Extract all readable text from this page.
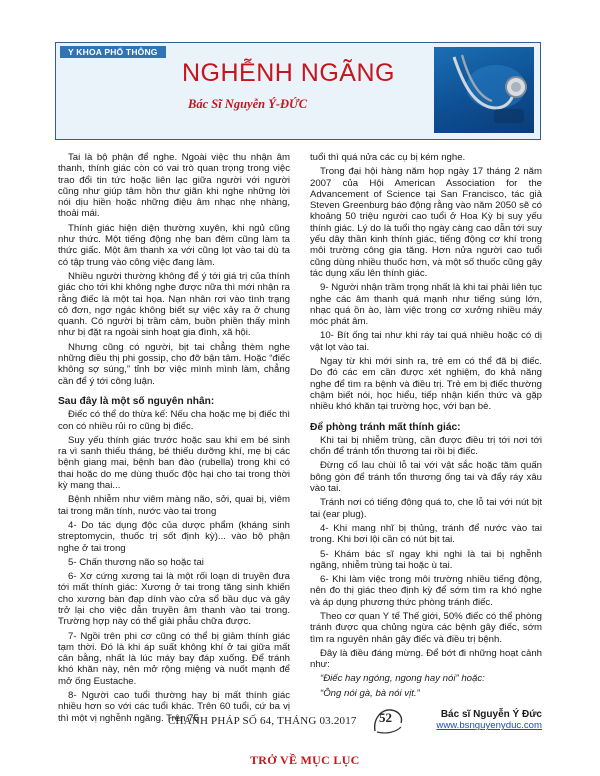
Y KHOA PHỔ THÔNG
NGHỄNH NGÃNG
Bác Sĩ Nguyễn Ý-ĐỨC

Tai là bộ phận để nghe. Ngoài việc thu nhận âm thanh, thính giác còn có vai trò quan trọng trong việc trao đổi tin tức hoặc liên lạc giữa người với người cũng như giúp tâm hồn thư giãn khi nghe những lời nói dịu hiền hoặc những điệu âm nhạc nhẹ nhàng, thoải mái.

Thính giác hiện diện thường xuyên, khi ngủ cũng như thức. Một tiếng động nhẹ ban đêm cũng làm ta thức giấc. Một âm thanh xa với cũng lọt vào tai dù ta có tập trung vào công việc đang làm.

Nhiều người thường không để ý tới giá trị của thính giác cho tới khi không nghe được nữa thì mới nhận ra rằng điếc là một tai họa. Nạn nhân rơi vào tình trạng cô đơn, ngơ ngác không biết sự việc xảy ra ở chung quanh. Có người bị trầm cảm, buồn phiền thấy mình như bị đặt ra ngoài sinh hoạt gia đình, xã hội.

Nhưng cũng có người, bịt tai chẳng thèm nghe những điều thị phi gossip, cho đỡ bận tâm. Hoặc “điếc không sợ súng,” tỉnh bơ việc mình mình làm, chẳng cần để ý tới công luận.

Sau đây là một số nguyên nhân:

Điếc có thể do thừa kế: Nếu cha hoặc mẹ bị điếc thì con có nhiều rủi ro cũng bị điếc.

Suy yếu thính giác trước hoặc sau khi em bé sinh ra vì sanh thiếu tháng, bé thiếu dưỡng khí, mẹ bị các bệnh giang mai, bệnh ban đào (rubella) trong khi có thai hoặc do mẹ dùng thuốc độc hại cho tai trong thời kỳ mang thai...

Bệnh nhiễm như viêm màng não, sởi, quai bị, viêm tai trong mãn tính, nước vào tai trong

4- Do tác dụng độc của dược phẩm (kháng sinh streptomycin, thuốc trị sốt định kỳ)... vào bộ phận nghe ở tai trong

5- Chấn thương não sọ hoặc tai

6- Xơ cứng xương tai là một rối loạn di truyền đưa tới mất thính giác: Xương ở tai trong tăng sinh khiến cho xương bàn đạp dính vào cửa sổ bầu dục và gây trở lại cho việc dẫn truyền âm thanh vào tai trong. Trường hợp này có thể giải phẫu chữa được.

7- Ngồi trên phi cơ cũng có thể bị giảm thính giác tạm thời. Đó là khi áp suất không khí ở tai giữa mất cân bằng, nhất là lúc máy bay đáp xuống. Để tránh khó khăn này, nên mở rộng miệng và nuốt mạnh để mở ống Eustache.

8- Người cao tuổi thường hay bị mất thính giác nhiều hơn so với các tuổi khác. Trên 60 tuổi, cứ ba vị thì một vị nghễnh ngãng. Trên 75

tuổi thì quá nửa các cụ bị kém nghe.

Trong đại hội hàng năm họp ngày 17 tháng 2 năm 2007 của Hội American Association for the Advancement of Science tại San Francisco, tác giả Steven Greenburg báo động rằng vào năm 2050 sẽ có khoảng 50 triệu người cao tuổi ở Hoa Kỳ bị suy yếu thính giác. Lý do là tuổi thọ ngày càng cao dẫn tới suy yếu dây thần kinh thính giác, tiếng động cơ khí trong môi trường công gia tăng. Hơn nửa người cao tuổi cũng dùng nhiều thuốc hơn, và một số thuốc cũng gây tác dụng xấu lên thính giác.

9- Người nhận trầm trọng nhất là khi tai phải liên tục nghe các âm thanh quá mạnh như tiếng súng lớn, nhạc quá ồn ào, làm việc trong cơ xưởng nhiều máy móc phát âm.

10- Bít ống tai như khi ráy tai quá nhiều hoặc có dị vật lọt vào tai.

Ngay từ khi mới sinh ra, trẻ em có thể đã bị điếc. Do đó các em cần được xét nghiệm, đo khả năng nghe để tìm ra bệnh và điều trị. Trẻ em bị điếc thường chậm biết nói, học hiểu, tiếp nhận kiến thức và gặp nhiều khó khăn tại trường học, với bạn bè.

Để phòng tránh mất thính giác:

Khi tai bị nhiễm trùng, cần được điều trị tới nơi tới chốn để tránh tổn thương tai rồi bị điếc.

Đừng cố lau chùi lỗ tai với vật sắc hoặc tăm quấn bông gòn để tránh tổn thương ống tai và đẩy ráy xâu vào tai.

Tránh nơi có tiếng động quá to, che lỗ tai với nút bịt tai (ear plug).

4- Khi mang nhĩ bị thủng, tránh để nước vào tai trong. Khi bơi lội cần có nút bịt tai.

5- Khám bác sĩ ngay khi nghi là tai bị nghễnh ngãng, nhiễm trùng tai hoặc ù tai.

6- Khi làm việc trong môi trường nhiều tiếng động, nên đo thị giác theo định kỳ để sớm tìm ra khó nghe và áp dụng phương thức phòng tránh điếc.

Theo cơ quan Y tế Thế giới, 50% điếc có thể phòng tránh được qua chủng ngừa các bệnh gây điếc, sớm tìm ra nguyên nhân gây điếc và điều trị bệnh.

Đây là điều đáng mừng. Để bớt đi những hoạt cảnh như:

“Điếc hay ngóng, ngong hay nói” hoặc:

“Ông nói gà, bà nói vịt.”

Bác sĩ Nguyễn Ý Đức
www.bsnguyenyduc.com
CHÁNH PHÁP SỐ 64, THÁNG 03.2017 52
TRỞ VỀ MỤC LỤC
